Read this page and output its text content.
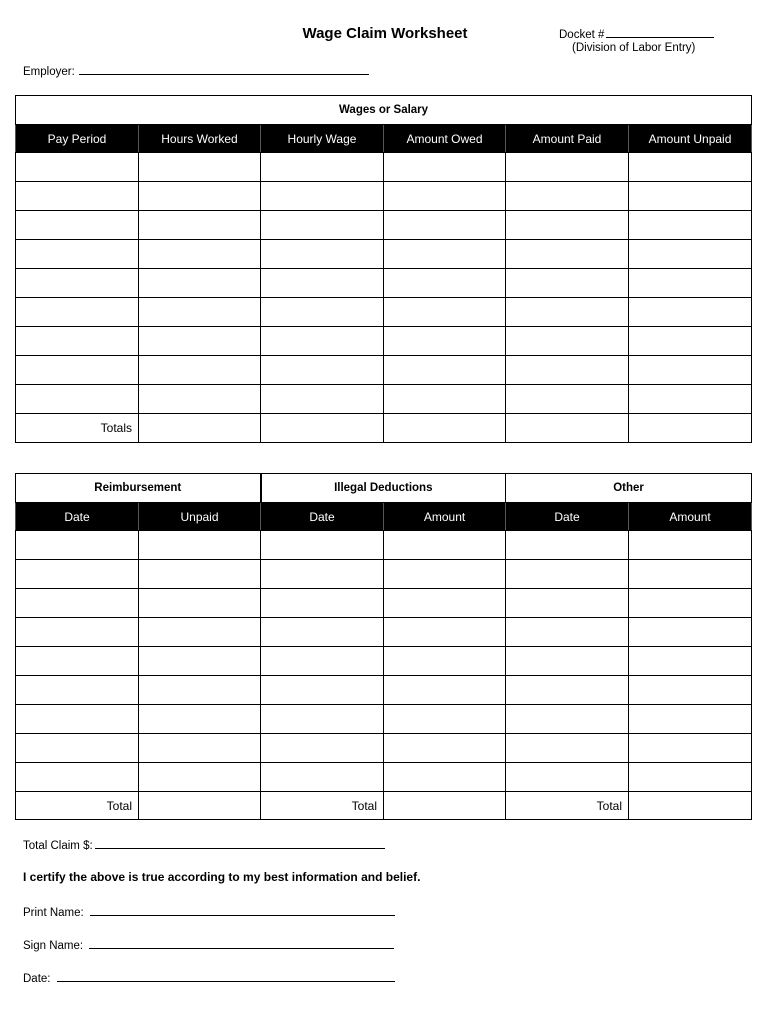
Wage Claim Worksheet	Docket #
(Division of Labor Entry)
Employer:
Wages or Salary					
Pay Period	Hours Worked	Hourly Wage	Amount Owed	Amount Paid	Amount Unpaid

Totals					
Reimbursement		Illegal Deductions		Other	
Date	Unpaid	Date	Amount	Date	Amount

Total		Total		Total	
Total Claim $:
I certify the above is true according to my best information and belief.
Print Name:
Sign Name:
Date:
